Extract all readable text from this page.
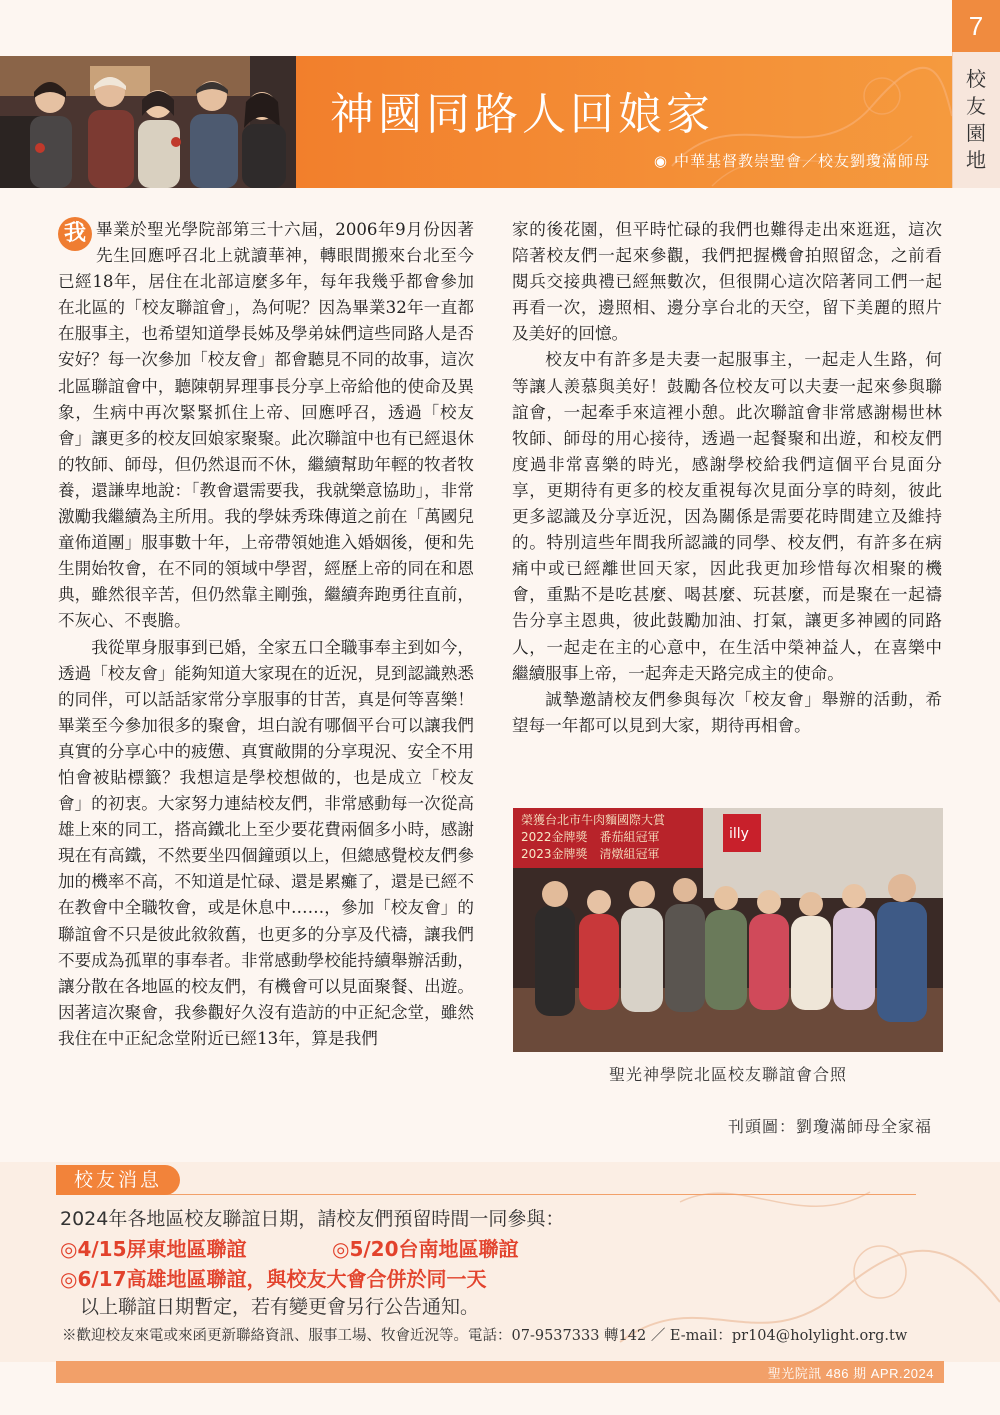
7
校友園地
神國同路人回娘家
◉ 中華基督教崇聖會／校友劉瓊滿師母

我 畢業於聖光學院部第三十六屆，2006年9月份因著先生回應呼召北上就讀華神，轉眼間搬來台北至今已經18年，居住在北部這麼多年，每年我幾乎都會參加在北區的「校友聯誼會」，為何呢？因為畢業32年一直都在服事主，也希望知道學長姊及學弟妹們這些同路人是否安好？每一次參加「校友會」都會聽見不同的故事，這次北區聯誼會中，聽陳朝昇理事長分享上帝給他的使命及異象，生病中再次緊緊抓住上帝、回應呼召，透過「校友會」讓更多的校友回娘家聚聚。此次聯誼中也有已經退休的牧師、師母，但仍然退而不休，繼續幫助年輕的牧者牧養，還謙卑地說：「教會還需要我，我就樂意協助」，非常激勵我繼續為主所用。我的學妹秀珠傳道之前在「萬國兒童佈道團」服事數十年，上帝帶領她進入婚姻後，便和先生開始牧會，在不同的領域中學習，經歷上帝的同在和恩典，雖然很辛苦，但仍然靠主剛強，繼續奔跑勇往直前，不灰心、不喪膽。

我從單身服事到已婚，全家五口全職事奉主到如今，透過「校友會」能夠知道大家現在的近況，見到認識熟悉的同伴，可以話話家常分享服事的甘苦，真是何等喜樂！畢業至今參加很多的聚會，坦白說有哪個平台可以讓我們真實的分享心中的疲憊、真實敞開的分享現況、安全不用怕會被貼標籤？我想這是學校想做的，也是成立「校友會」的初衷。大家努力連結校友們，非常感動每一次從高雄上來的同工，搭高鐵北上至少要花費兩個多小時，感謝現在有高鐵，不然要坐四個鐘頭以上，但總感覺校友們參加的機率不高，不知道是忙碌、還是累癱了，還是已經不在教會中全職牧會，或是休息中……，參加「校友會」的聯誼會不只是彼此敘敘舊，也更多的分享及代禱，讓我們不要成為孤單的事奉者。非常感動學校能持續舉辦活動，讓分散在各地區的校友們，有機會可以見面聚餐、出遊。因著這次聚會，我參觀好久沒有造訪的中正紀念堂，雖然我住在中正紀念堂附近已經13年，算是我們

家的後花園，但平時忙碌的我們也難得走出來逛逛，這次陪著校友們一起來參觀，我們把握機會拍照留念，之前看閱兵交接典禮已經無數次，但很開心這次陪著同工們一起再看一次，邊照相、邊分享台北的天空，留下美麗的照片及美好的回憶。

校友中有許多是夫妻一起服事主，一起走人生路，何等讓人羨慕與美好！鼓勵各位校友可以夫妻一起來參與聯誼會，一起牽手來這裡小憩。此次聯誼會非常感謝楊世林牧師、師母的用心接待，透過一起餐聚和出遊，和校友們度過非常喜樂的時光，感謝學校給我們這個平台見面分享，更期待有更多的校友重視每次見面分享的時刻，彼此更多認識及分享近況，因為關係是需要花時間建立及維持的。特別這些年間我所認識的同學、校友們，有許多在病痛中或已經離世回天家，因此我更加珍惜每次相聚的機會，重點不是吃甚麼、喝甚麼、玩甚麼，而是聚在一起禱告分享主恩典，彼此鼓勵加油、打氣，讓更多神國的同路人，一起走在主的心意中，在生活中榮神益人，在喜樂中繼續服事上帝，一起奔走天路完成主的使命。

誠摯邀請校友們參與每次「校友會」舉辦的活動，希望每一年都可以見到大家，期待再相會。

榮獲台北市牛肉麵國際大賞
2022金牌獎　番茄組冠軍
2023金牌獎　清燉組冠軍
illy
聖光神學院北區校友聯誼會合照
刊頭圖：劉瓊滿師母全家福
校友消息
2024年各地區校友聯誼日期，請校友們預留時間一同參與：
◎4/15屏東地區聯誼	◎5/20台南地區聯誼
◎6/17高雄地區聯誼，與校友大會合併於同一天
以上聯誼日期暫定，若有變更會另行公告通知。
※歡迎校友來電或來函更新聯絡資訊、服事工場、牧會近況等。電話：07-9537333 轉142 ／ E-mail：pr104@holylight.org.tw
聖光院訊 486 期 APR.2024
